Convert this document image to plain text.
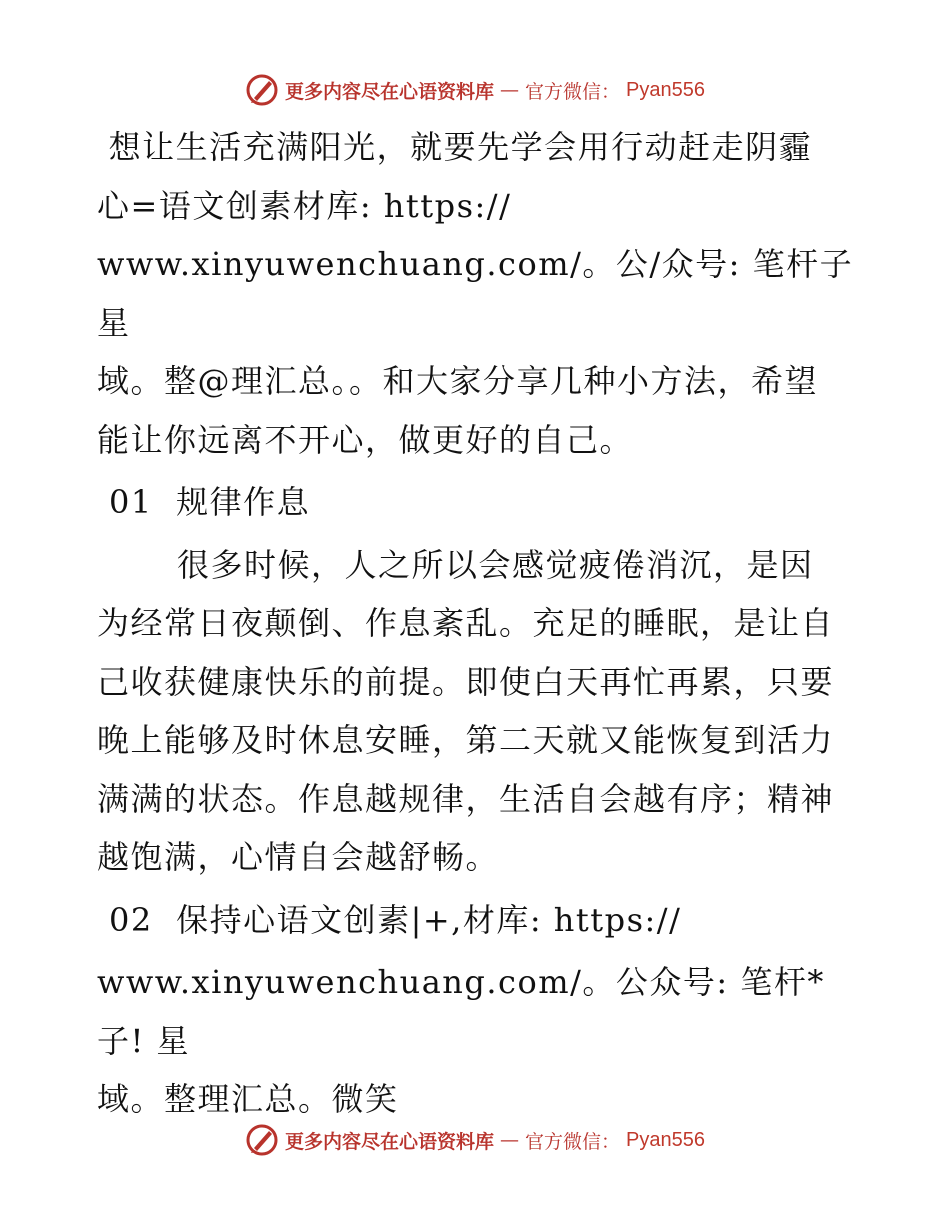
更多内容尽在心语资料库 — 官方微信： Pyan556

想让生活充满阳光，就要先学会用行动赶走阴霾

心=语文创素材库: https://

www.xinyuwenchuang.com/。公/众号: 笔杆子星

域。整@理汇总。。和大家分享几种小方法，希望

能让你远离不开心，做更好的自己。

01  规律作息

很多时候，人之所以会感觉疲倦消沉，是因

为经常日夜颠倒、作息紊乱。充足的睡眠，是让自

己收获健康快乐的前提。即使白天再忙再累，只要

晚上能够及时休息安睡，第二天就又能恢复到活力

满满的状态。作息越规律，生活自会越有序；精神

越饱满，心情自会越舒畅。

02  保持心语文创素|+,材库: https://

www.xinyuwenchuang.com/。公众号: 笔杆*子! 星

域。整理汇总。微笑

更多内容尽在心语资料库 — 官方微信： Pyan556
